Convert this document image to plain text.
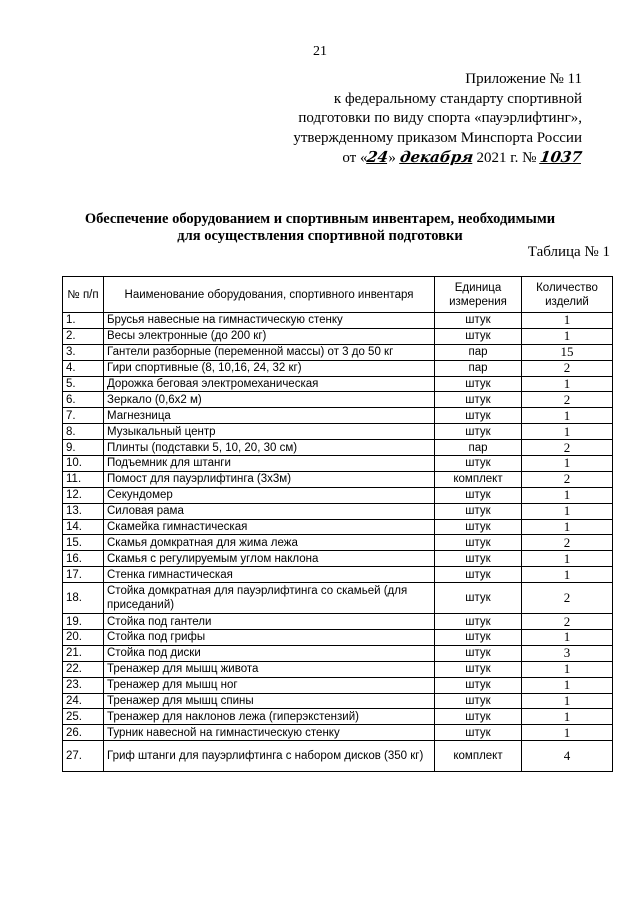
21
Приложение № 11
к федеральному стандарту спортивной
подготовки по виду спорта «пауэрлифтинг»,
утвержденному приказом Минспорта России
от «24» декабря 2021 г. № 1037
Обеспечение оборудованием и спортивным инвентарем, необходимыми
для осуществления спортивной подготовки
Таблица № 1
№ п/п	Наименование оборудования, спортивного инвентаря	Единица измерения	Количество изделий
1.	Брусья навесные на гимнастическую стенку	штук	1
2.	Весы электронные (до 200 кг)	штук	1
3.	Гантели разборные (переменной массы) от 3 до 50 кг	пар	15
4.	Гири спортивные (8, 10,16, 24, 32 кг)	пар	2
5.	Дорожка беговая электромеханическая	штук	1
6.	Зеркало (0,6х2 м)	штук	2
7.	Магнезница	штук	1
8.	Музыкальный центр	штук	1
9.	Плинты (подставки 5, 10, 20, 30 см)	пар	2
10.	Подъемник для штанги	штук	1
11.	Помост для пауэрлифтинга (3х3м)	комплект	2
12.	Секундомер	штук	1
13.	Силовая рама	штук	1
14.	Скамейка гимнастическая	штук	1
15.	Скамья домкратная для жима лежа	штук	2
16.	Скамья с регулируемым углом наклона	штук	1
17.	Стенка гимнастическая	штук	1
18.	Стойка домкратная для пауэрлифтинга со скамьей (для приседаний)	штук	2
19.	Стойка под гантели	штук	2
20.	Стойка под грифы	штук	1
21.	Стойка под диски	штук	3
22.	Тренажер для мышц живота	штук	1
23.	Тренажер для мышц ног	штук	1
24.	Тренажер для мышц спины	штук	1
25.	Тренажер для наклонов лежа (гиперэкстензий)	штук	1
26.	Турник навесной на гимнастическую стенку	штук	1
27.	Гриф штанги для пауэрлифтинга с набором дисков (350 кг)	комплект	4
